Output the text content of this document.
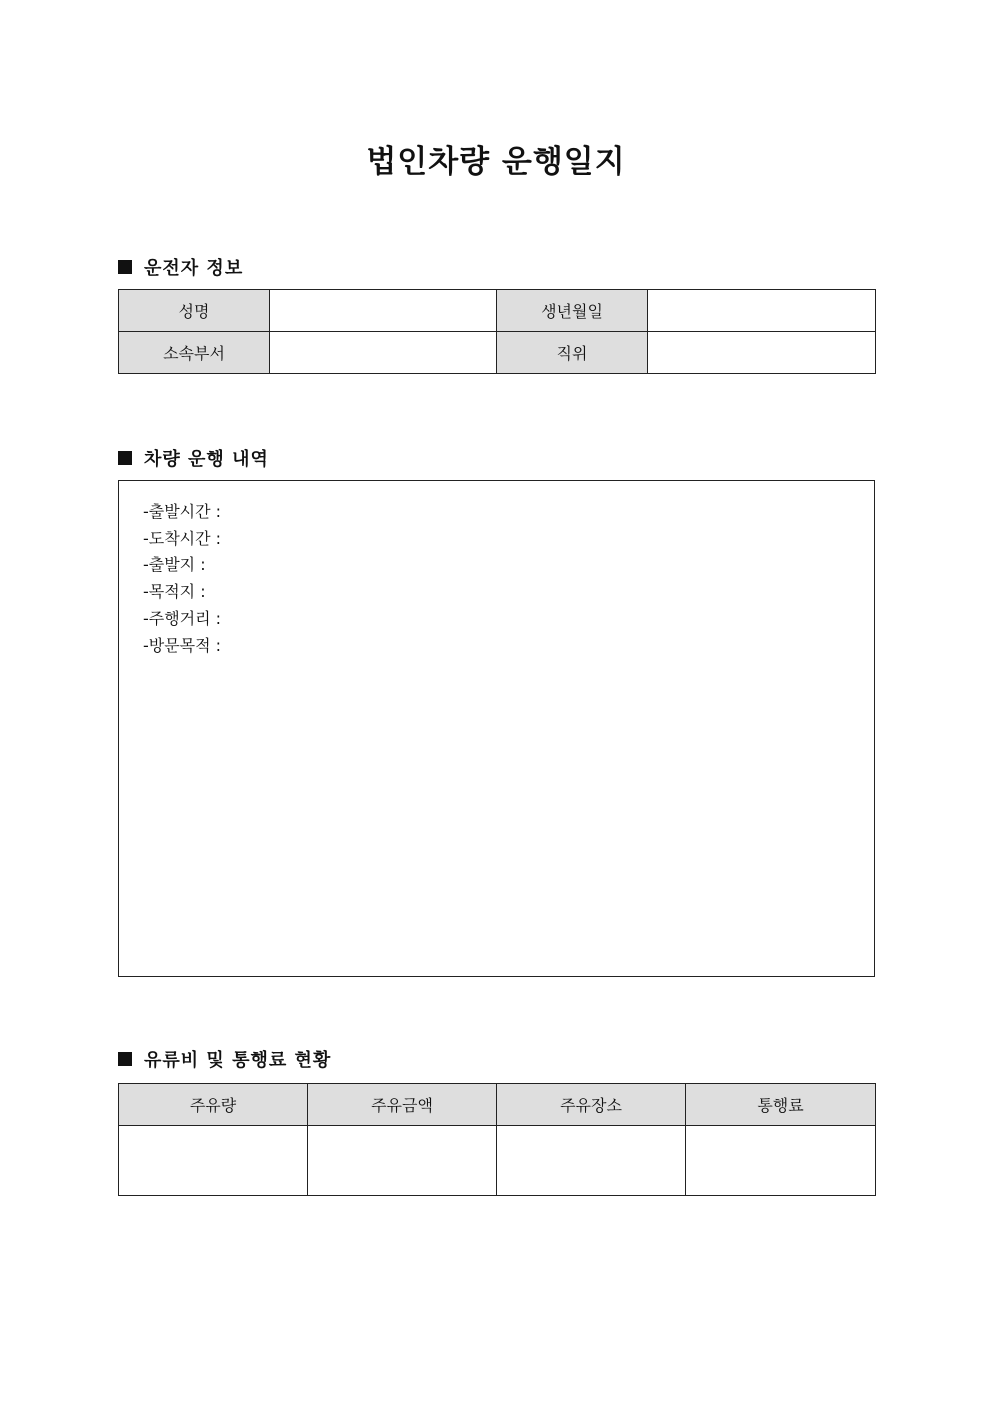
법인차량 운행일지
운전자 정보
성명		생년월일	
소속부서		직위	
차량 운행 내역
-출발시간 :
-도착시간 :
-출발지 :
-목적지 :
-주행거리 :
-방문목적 :
유류비 및 통행료 현황
주유량	주유금액	주유장소	통행료
